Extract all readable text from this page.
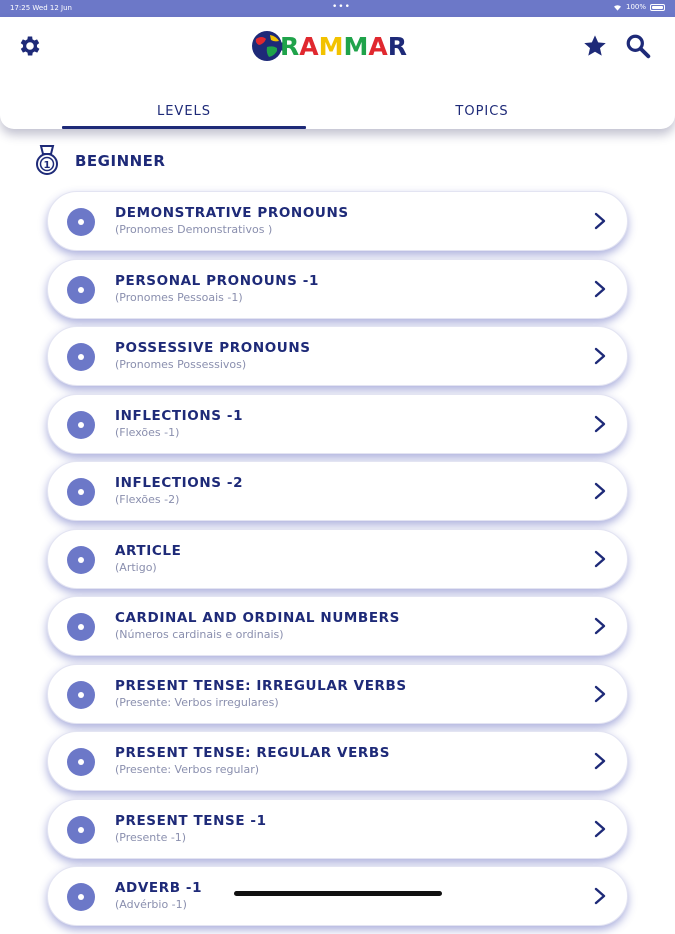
17:25 Wed 12 Jun	•••	100%
R A M M A R
LEVELS	TOPICS
1 BEGINNER
DEMONSTRATIVE PRONOUNS
(Pronomes Demonstrativos )
PERSONAL PRONOUNS -1
(Pronomes Pessoais -1)
POSSESSIVE PRONOUNS
(Pronomes Possessivos)
INFLECTIONS -1
(Flexões -1)
INFLECTIONS -2
(Flexões -2)
ARTICLE
(Artigo)
CARDINAL AND ORDINAL NUMBERS
(Números cardinais e ordinais)
PRESENT TENSE: IRREGULAR VERBS
(Presente: Verbos irregulares)
PRESENT TENSE: REGULAR VERBS
(Presente: Verbos regular)
PRESENT TENSE -1
(Presente -1)
ADVERB -1
(Advérbio -1)
